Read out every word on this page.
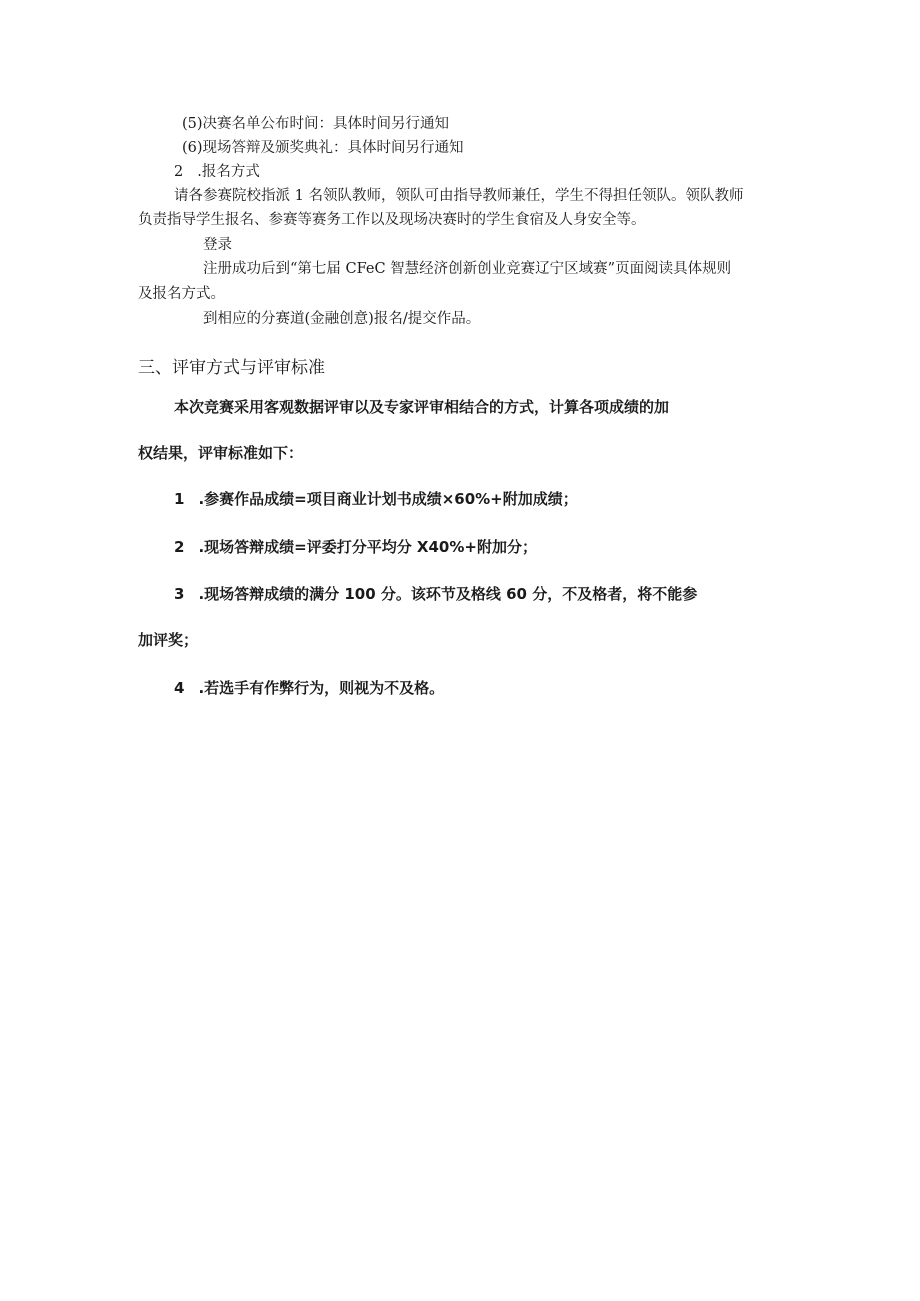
(5)决赛名单公布时间：具体时间另行通知
(6)现场答辩及颁奖典礼：具体时间另行通知
2 .报名方式
请各参赛院校指派 1 名领队教师，领队可由指导教师兼任，学生不得担任领队。领队教师
负责指导学生报名、参赛等赛务工作以及现场决赛时的学生食宿及人身安全等。
登录
注册成功后到“第七届 CFeC 智慧经济创新创业竞赛辽宁区域赛”页面阅读具体规则
及报名方式。
到相应的分赛道(金融创意)报名/提交作品。
三、评审方式与评审标准
本次竞赛采用客观数据评审以及专家评审相结合的方式，计算各项成绩的加
权结果，评审标准如下：
1 .参赛作品成绩=项目商业计划书成绩×60%+附加成绩；
2 .现场答辩成绩=评委打分平均分 X40%+附加分；
3 .现场答辩成绩的满分 100 分。该环节及格线 60 分，不及格者，将不能参
加评奖；
4 .若选手有作弊行为，则视为不及格。
